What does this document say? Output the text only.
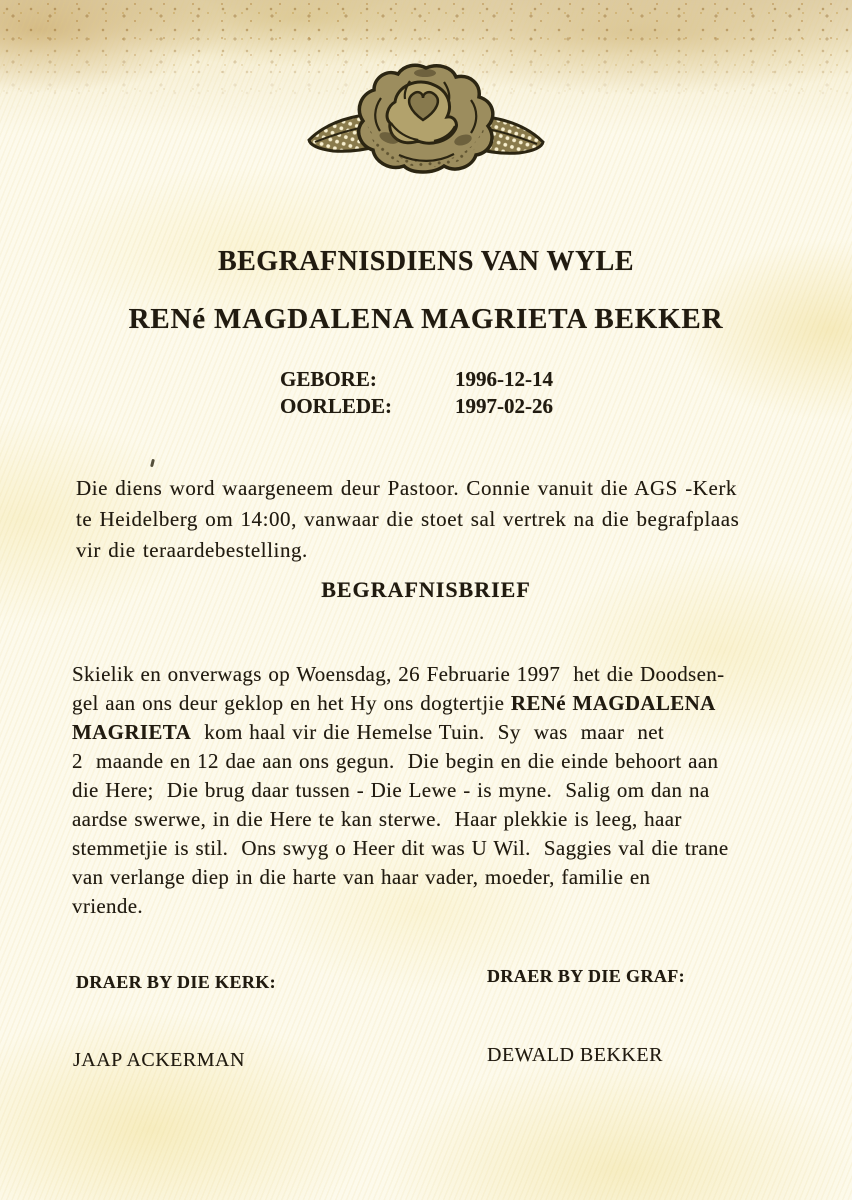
BEGRAFNISDIENS VAN WYLE
RENé MAGDALENA MAGRIETA BEKKER
GEBORE:	1996-12-14
OORLEDE:	1997-02-26
Die diens word waargeneem deur Pastoor. Connie vanuit die AGS -Kerk
te Heidelberg om 14:00, vanwaar die stoet sal vertrek na die begrafplaas
vir die teraardebestelling.
BEGRAFNISBRIEF
Skielik en onverwags op Woensdag, 26 Februarie 1997  het die Doodsen-
gel aan ons deur geklop en het Hy ons dogtertjie RENé MAGDALENA
MAGRIETA  kom haal vir die Hemelse Tuin.  Sy  was  maar  net
2  maande en 12 dae aan ons gegun.  Die begin en die einde behoort aan
die Here;  Die brug daar tussen - Die Lewe - is myne.  Salig om dan na
aardse swerwe, in die Here te kan sterwe.  Haar plekkie is leeg, haar
stemmetjie is stil.  Ons swyg o Heer dit was U Wil.  Saggies val die trane
van verlange diep in die harte van haar vader, moeder, familie en
vriende.
DRAER BY DIE KERK:	DRAER BY DIE GRAF:
JAAP ACKERMAN	DEWALD BEKKER
